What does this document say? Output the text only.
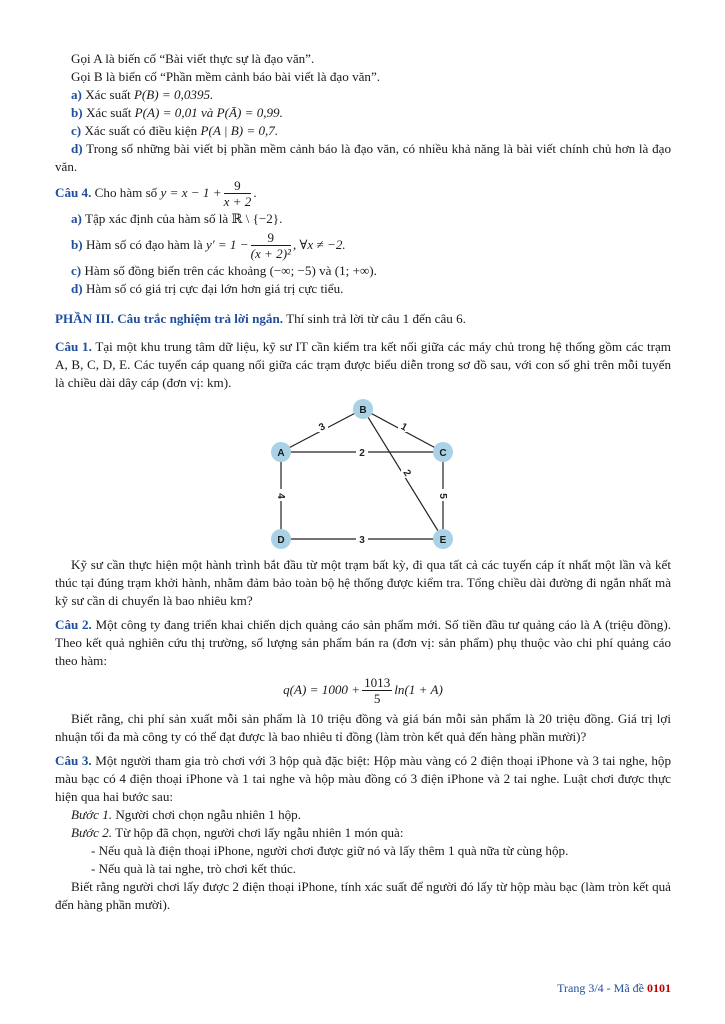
Gọi A là biến cố “Bài viết thực sự là đạo văn”.

Gọi B là biến cố “Phần mềm cảnh báo bài viết là đạo văn”.

a) Xác suất P(B) = 0,0395.

b) Xác suất P(A) = 0,01 và P(Ā) = 0,99.

c) Xác suất có điều kiện P(A | B) = 0,7.

d) Trong số những bài viết bị phần mềm cảnh báo là đạo văn, có nhiều khả năng là bài viết chính chủ hơn là đạo văn.

Câu 4.
Cho hàm số
$y = x - 1 + \frac{9}{x + 2}$ .

a) Tập xác định của hàm số là ℝ \ {−2}.

b)
Hàm số có đạo hàm là
$y' = 1 - \frac{9}{\text{(x + 2)²}}$ , ∀x ≠ −2.

c) Hàm số đồng biến trên các khoảng (−∞; −5) và (1; +∞).

d) Hàm số có giá trị cực đại lớn hơn giá trị cực tiểu.

PHẦN III. Câu trắc nghiệm trả lời ngắn. Thí sinh trả lời từ câu 1 đến câu 6.

Câu 1. Tại một khu trung tâm dữ liệu, kỹ sư IT cần kiểm tra kết nối giữa các máy chủ trong hệ thống gồm các trạm A, B, C, D, E. Các tuyến cáp quang nối giữa các trạm được biểu diễn trong sơ đồ sau, với con số ghi trên mỗi tuyến là chiều dài dây cáp (đơn vị: km).

3	1
2
2
4	5
3
A
B
C
D	E

Kỹ sư cần thực hiện một hành trình bắt đầu từ một trạm bất kỳ, đi qua tất cả các tuyến cáp ít nhất một lần và kết thúc tại đúng trạm khởi hành, nhằm đảm bảo toàn bộ hệ thống được kiểm tra. Tổng chiều dài đường đi ngắn nhất mà kỹ sư cần di chuyển là bao nhiêu km?

Câu 2. Một công ty đang triển khai chiến dịch quảng cáo sản phẩm mới. Số tiền đầu tư quảng cáo là A (triệu đồng). Theo kết quả nghiên cứu thị trường, số lượng sản phẩm bán ra (đơn vị: sản phẩm) phụ thuộc vào chi phí quảng cáo theo hàm:

$q(A) = 1000 + \frac{1013}{5} \ln(1 + A)$

Biết rằng, chi phí sản xuất mỗi sản phẩm là 10 triệu đồng và giá bán mỗi sản phẩm là 20 triệu đồng. Giá trị lợi nhuận tối đa mà công ty có thể đạt được là bao nhiêu tỉ đồng (làm tròn kết quả đến hàng phần mười)?

Câu 3. Một người tham gia trò chơi với 3 hộp quà đặc biệt: Hộp màu vàng có 2 điện thoại iPhone và 3 tai nghe, hộp màu bạc có 4 điện thoại iPhone và 1 tai nghe và hộp màu đồng có 3 điện iPhone và 2 tai nghe. Luật chơi được thực hiện qua hai bước sau:

Bước 1. Người chơi chọn ngẫu nhiên 1 hộp.

Bước 2. Từ hộp đã chọn, người chơi lấy ngẫu nhiên 1 món quà:

- Nếu quà là điện thoại iPhone, người chơi được giữ nó và lấy thêm 1 quà nữa từ cùng hộp.

- Nếu quà là tai nghe, trò chơi kết thúc.

Biết rằng người chơi lấy được 2 điện thoại iPhone, tính xác suất để người đó lấy từ hộp màu bạc (làm tròn kết quả đến hàng phần mười).

Trang 3/4 - Mã đề 0101
